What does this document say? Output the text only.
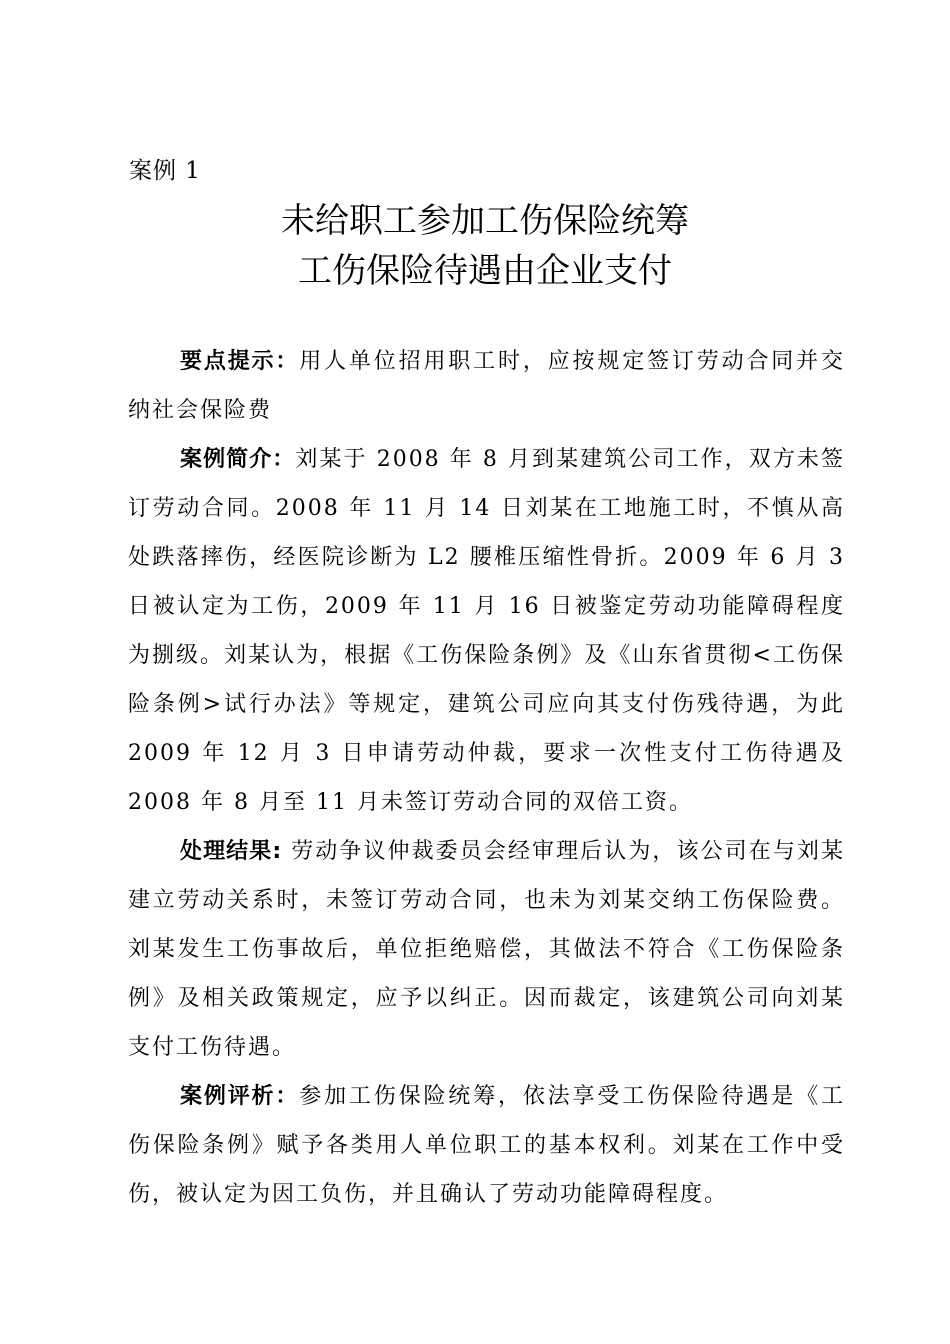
案例 1
未给职工参加工伤保险统筹
工伤保险待遇由企业支付

要点提示：用人单位招用职工时，应按规定签订劳动合同并交纳社会保险费

案例简介：刘某于 2008 年 8 月到某建筑公司工作，双方未签订劳动合同。2008 年 11 月 14 日刘某在工地施工时，不慎从高处跌落摔伤，经医院诊断为 L2 腰椎压缩性骨折。2009 年 6 月 3 日被认定为工伤，2009 年 11 月 16 日被鉴定劳动功能障碍程度为捌级。刘某认为，根据《工伤保险条例》及《山东省贯彻<工伤保险条例>试行办法》等规定，建筑公司应向其支付伤残待遇，为此 2009 年 12 月 3 日申请劳动仲裁，要求一次性支付工伤待遇及 2008 年 8 月至 11 月未签订劳动合同的双倍工资。

处理结果: 劳动争议仲裁委员会经审理后认为，该公司在与刘某建立劳动关系时，未签订劳动合同，也未为刘某交纳工伤保险费。刘某发生工伤事故后，单位拒绝赔偿，其做法不符合《工伤保险条例》及相关政策规定，应予以纠正。因而裁定，该建筑公司向刘某支付工伤待遇。

案例评析：参加工伤保险统筹，依法享受工伤保险待遇是《工伤保险条例》赋予各类用人单位职工的基本权利。刘某在工作中受伤，被认定为因工负伤，并且确认了劳动功能障碍程度。
